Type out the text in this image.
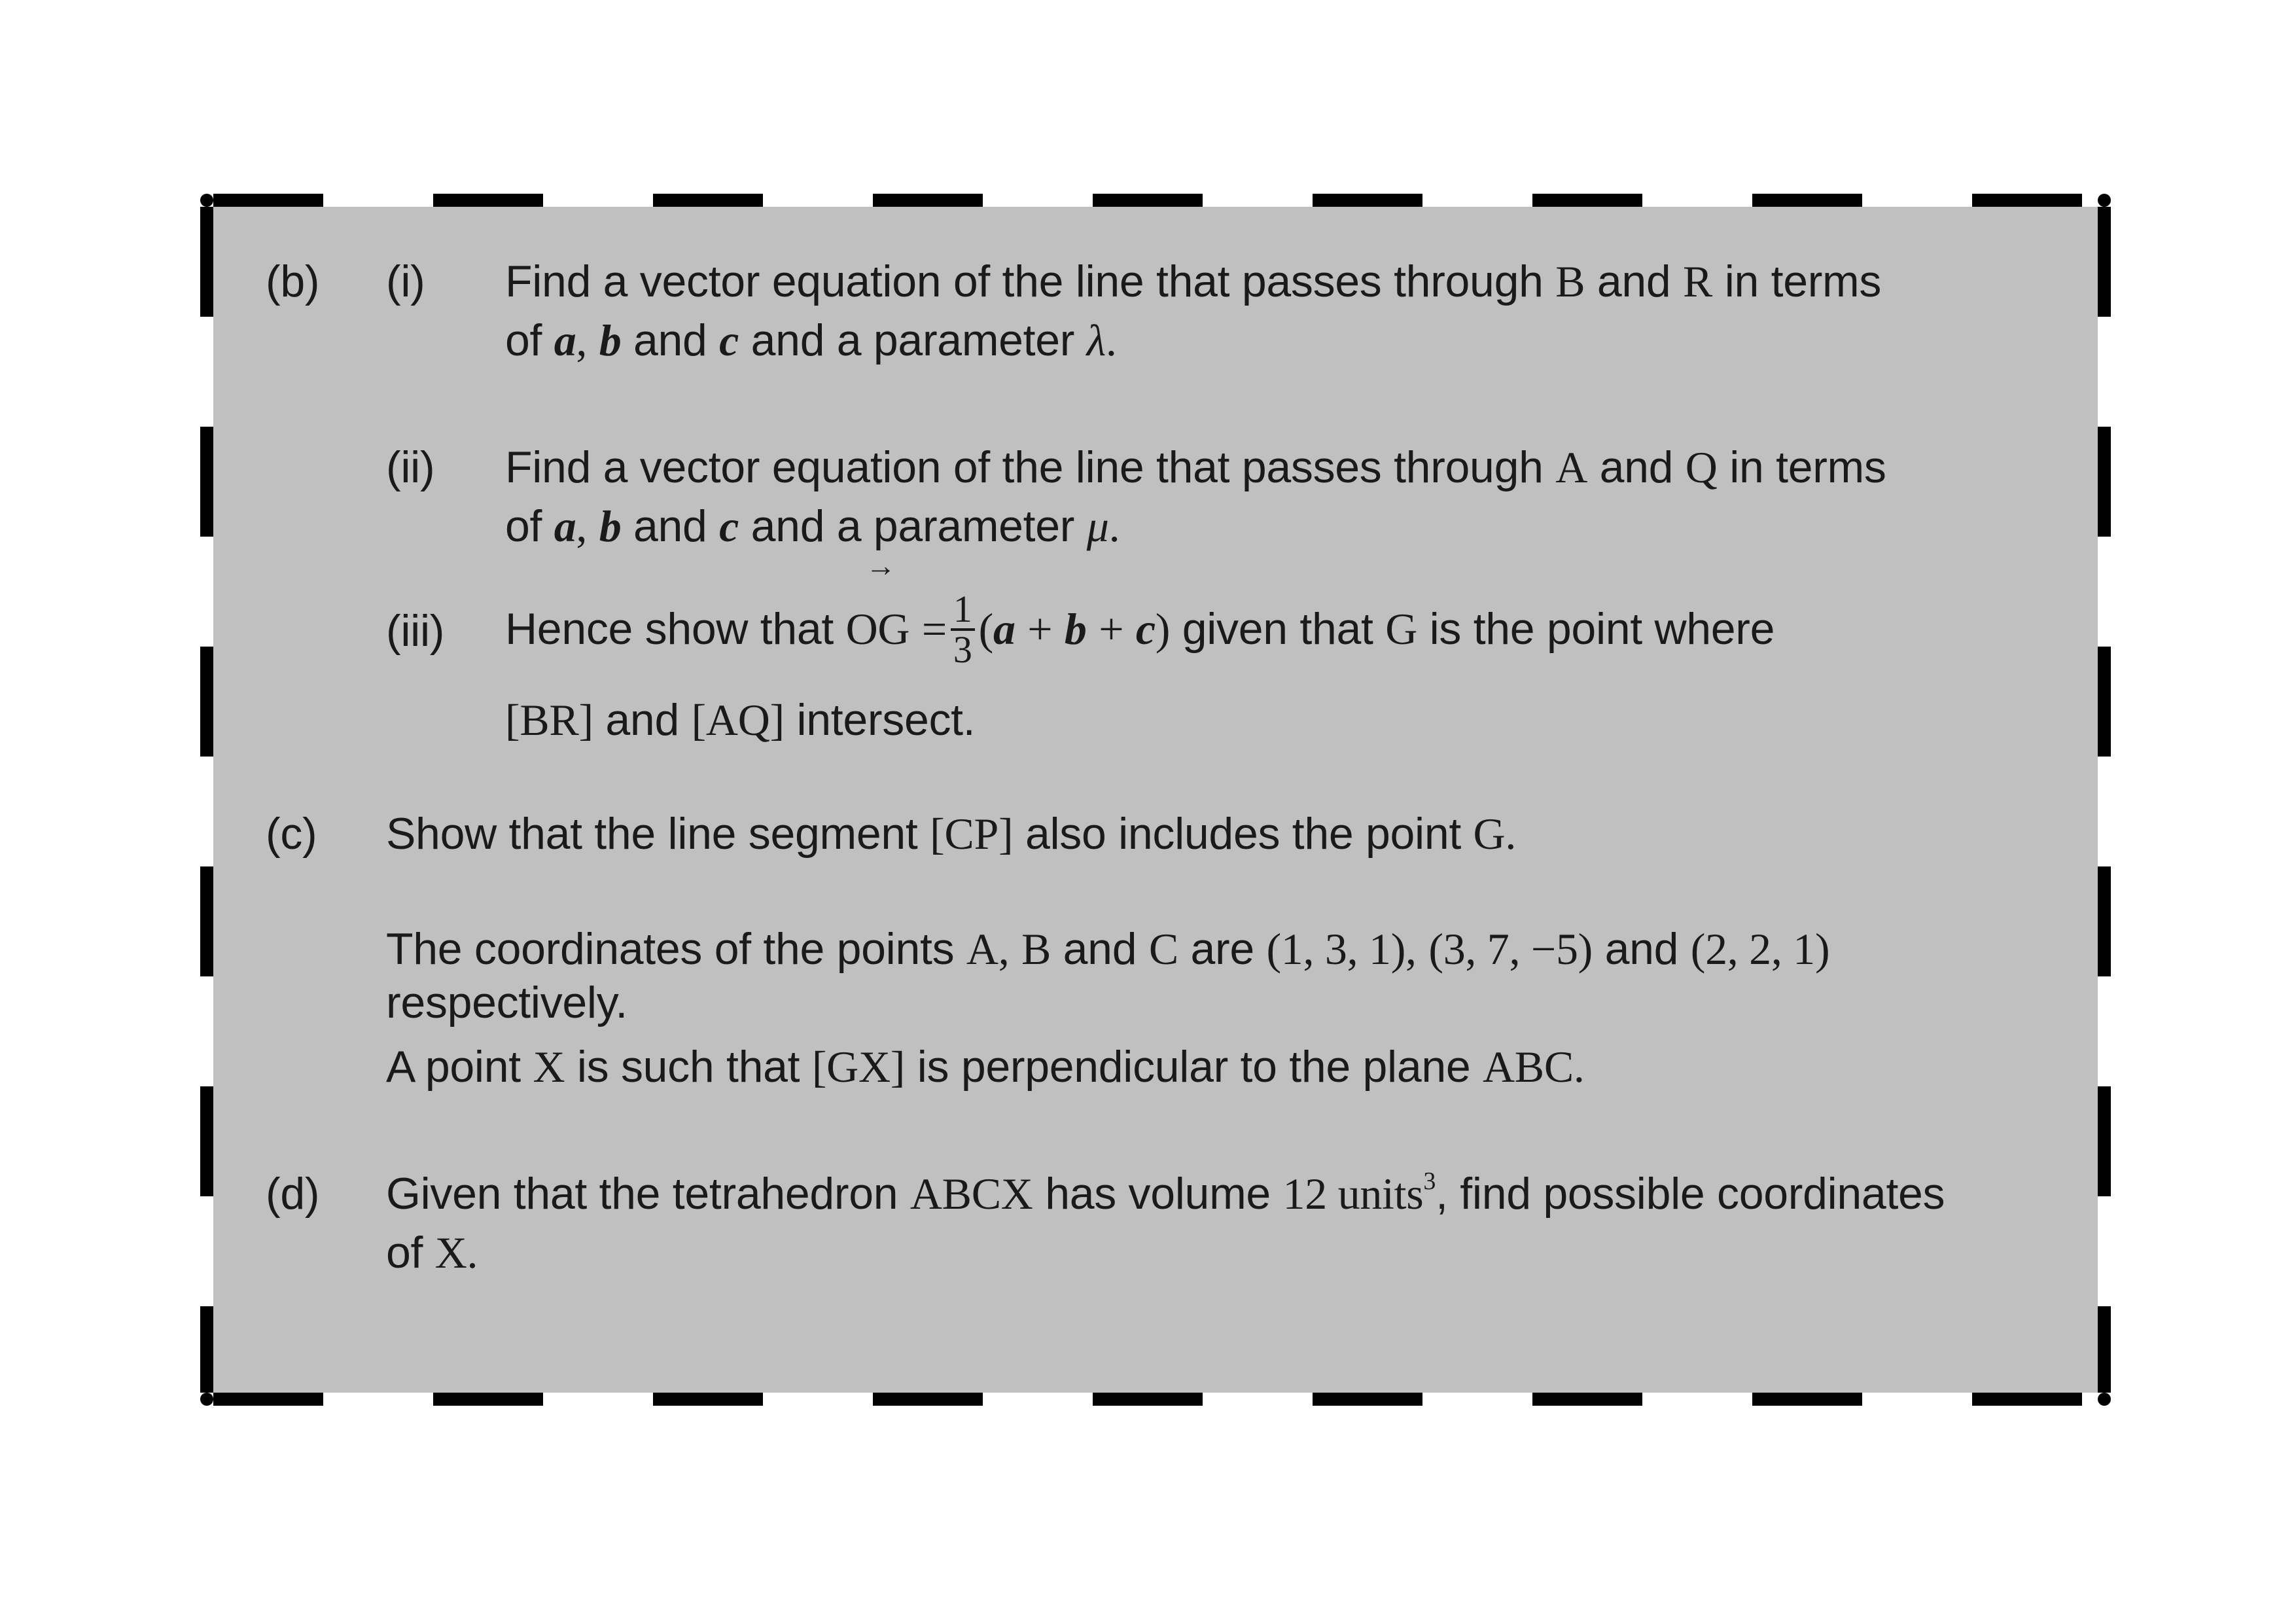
(b) (i) Find a vector equation of the line that passes through B and R in terms
of a, b and c and a parameter λ.
(ii) Find a vector equation of the line that passes through A and Q in terms
of a, b and c and a parameter μ.
(iii) Hence show that
→
OG = $\frac{1}{3} (a + b + c)$ given that G is the point where
[BR] and [AQ] intersect.
(c) Show that the line segment [CP] also includes the point G.
The coordinates of the points A, B and C are (1, 3, 1), (3, 7, −5) and (2, 2, 1)
respectively.
A point X is such that [GX] is perpendicular to the plane ABC.
(d) Given that the tetrahedron ABCX has volume 12 units$^3$, find possible coordinates
of X.
